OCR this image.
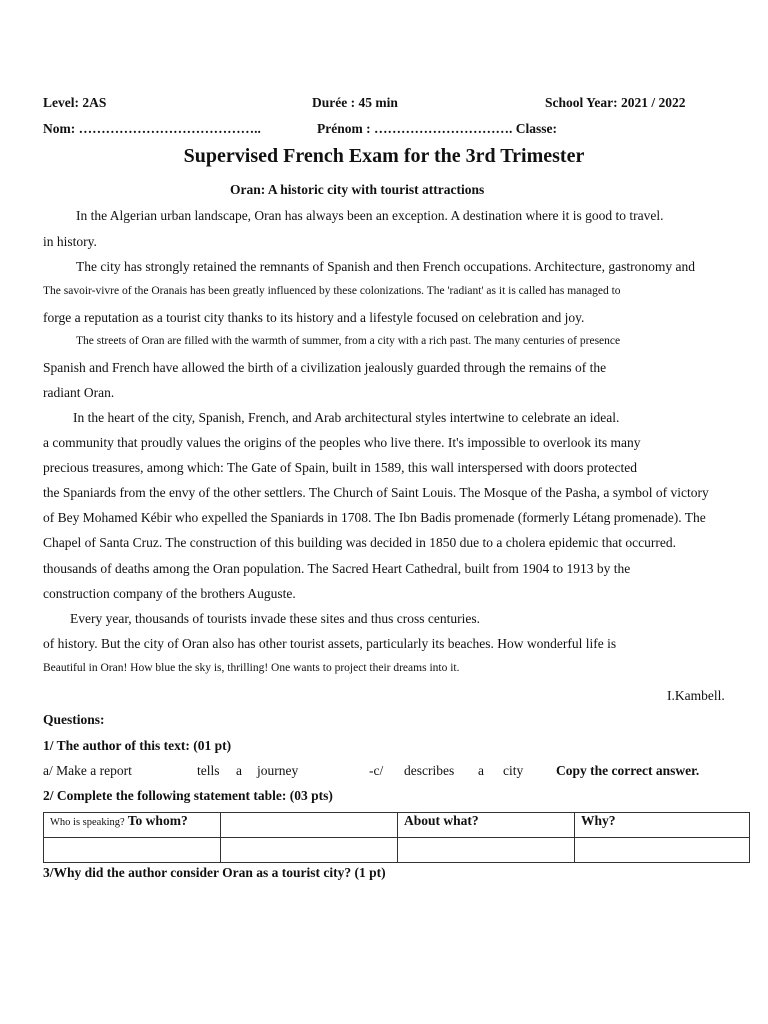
Level: 2AS	Durée : 45 min	School Year: 2021 / 2022
Nom: …………………………………..	Prénom : …………………………. Classe:
Supervised French Exam for the 3rd Trimester
Oran: A historic city with tourist attractions
In the Algerian urban landscape, Oran has always been an exception. A destination where it is good to travel.
in history.
The city has strongly retained the remnants of Spanish and then French occupations. Architecture, gastronomy and
The savoir-vivre of the Oranais has been greatly influenced by these colonizations. The 'radiant' as it is called has managed to
forge a reputation as a tourist city thanks to its history and a lifestyle focused on celebration and joy.
The streets of Oran are filled with the warmth of summer, from a city with a rich past. The many centuries of presence
Spanish and French have allowed the birth of a civilization jealously guarded through the remains of the
radiant Oran.
In the heart of the city, Spanish, French, and Arab architectural styles intertwine to celebrate an ideal.
a community that proudly values the origins of the peoples who live there. It's impossible to overlook its many
precious treasures, among which: The Gate of Spain, built in 1589, this wall interspersed with doors protected
the Spaniards from the envy of the other settlers. The Church of Saint Louis. The Mosque of the Pasha, a symbol of victory
of Bey Mohamed Kébir who expelled the Spaniards in 1708. The Ibn Badis promenade (formerly Létang promenade). The
Chapel of Santa Cruz. The construction of this building was decided in 1850 due to a cholera epidemic that occurred.
thousands of deaths among the Oran population. The Sacred Heart Cathedral, built from 1904 to 1913 by the
construction company of the brothers Auguste.
Every year, thousands of tourists invade these sites and thus cross centuries.
of history. But the city of Oran also has other tourist assets, particularly its beaches. How wonderful life is
Beautiful in Oran! How blue the sky is, thrilling! One wants to project their dreams into it.
I.Kambell.
Questions:
1/ The author of this text: (01 pt)
a/ Make a report	tells a journey	-c/ describes a city Copy the correct answer.
2/ Complete the following statement table: (03 pts)
Who is speaking? To whom?		About what?	Why?

3/Why did the author consider Oran as a tourist city? (1 pt)
